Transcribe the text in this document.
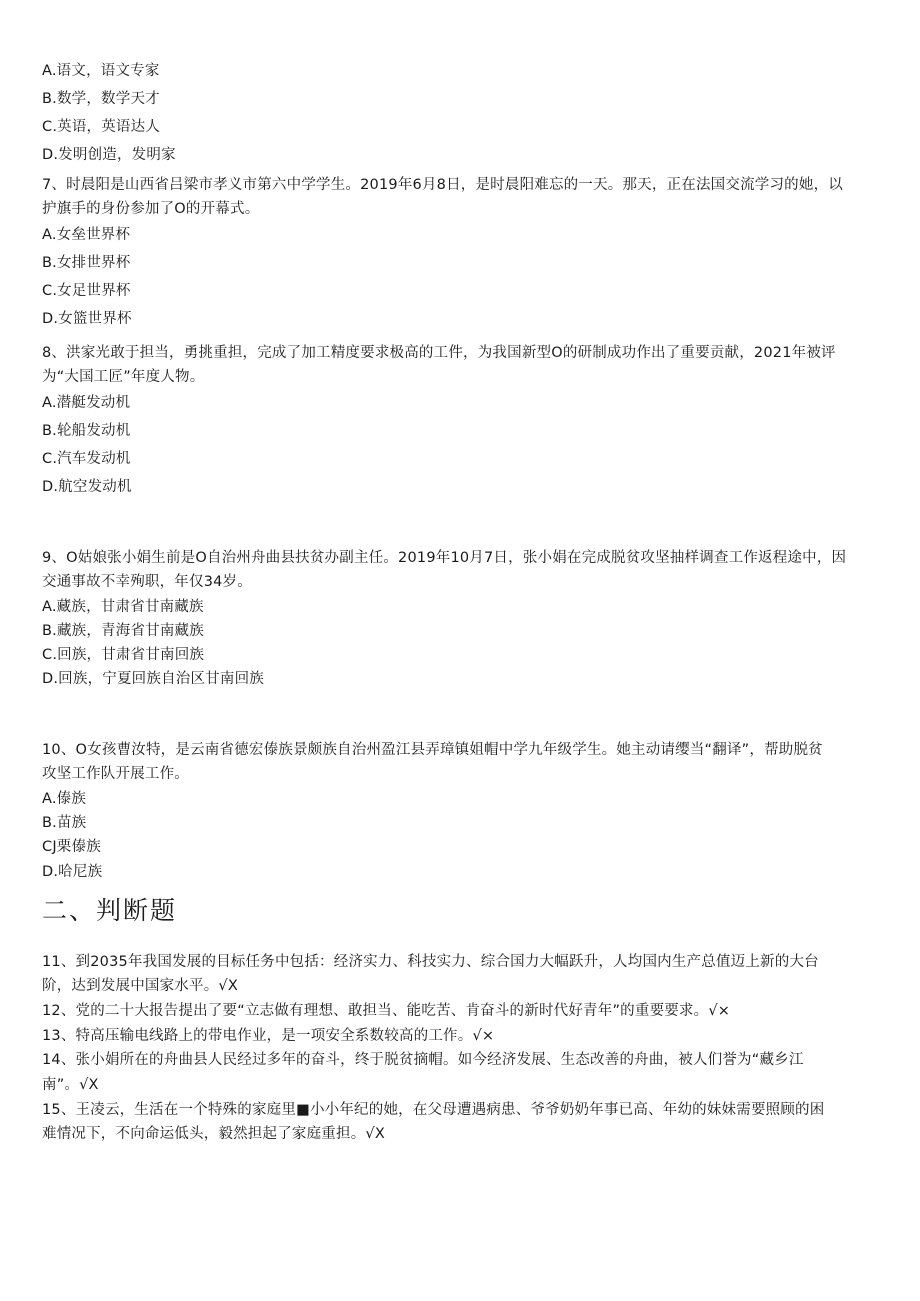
A.语文，语文专家
B.数学，数学天才
C.英语，英语达人
D.发明创造，发明家
7、时晨阳是山西省吕梁市孝义市第六中学学生。2019年6月8日，是时晨阳难忘的一天。那天，正在法国交流学习的她，以
护旗手的身份参加了O的开幕式。
A.女垒世界杯
B.女排世界杯
C.女足世界杯
D.女篮世界杯
8、洪家光敢于担当，勇挑重担，完成了加工精度要求极高的工件，为我国新型O的研制成功作出了重要贡献，2021年被评
为“大国工匠”年度人物。
A.潜艇发动机
B.轮船发动机
C.汽车发动机
D.航空发动机
9、O姑娘张小娟生前是O自治州舟曲县扶贫办副主任。2019年10月7日，张小娟在完成脱贫攻坚抽样调查工作返程途中，因
交通事故不幸殉职，年仅34岁。
A.藏族，甘肃省甘南藏族
B.藏族，青海省甘南藏族
C.回族，甘肃省甘南回族
D.回族，宁夏回族自治区甘南回族
10、O女孩曹汝特，是云南省德宏傣族景颇族自治州盈江县弄璋镇姐帽中学九年级学生。她主动请缨当“翻译”，帮助脱贫
攻坚工作队开展工作。
A.傣族
B.苗族
CJ栗傣族
D.哈尼族
二、判断题
11、到2035年我国发展的目标任务中包括：经济实力、科技实力、综合国力大幅跃升，人均国内生产总值迈上新的大台
阶，达到发展中国家水平。√X
12、党的二十大报告提出了要“立志做有理想、敢担当、能吃苦、肯奋斗的新时代好青年”的重要要求。√×
13、特高压输电线路上的带电作业，是一项安全系数较高的工作。√×
14、张小娟所在的舟曲县人民经过多年的奋斗，终于脱贫摘帽。如今经济发展、生态改善的舟曲，被人们誉为“藏乡江
南”。√X
15、王凌云，生活在一个特殊的家庭里■小小年纪的她，在父母遭遇病患、爷爷奶奶年事已高、年幼的妹妹需要照顾的困
难情况下，不向命运低头，毅然担起了家庭重担。√X
